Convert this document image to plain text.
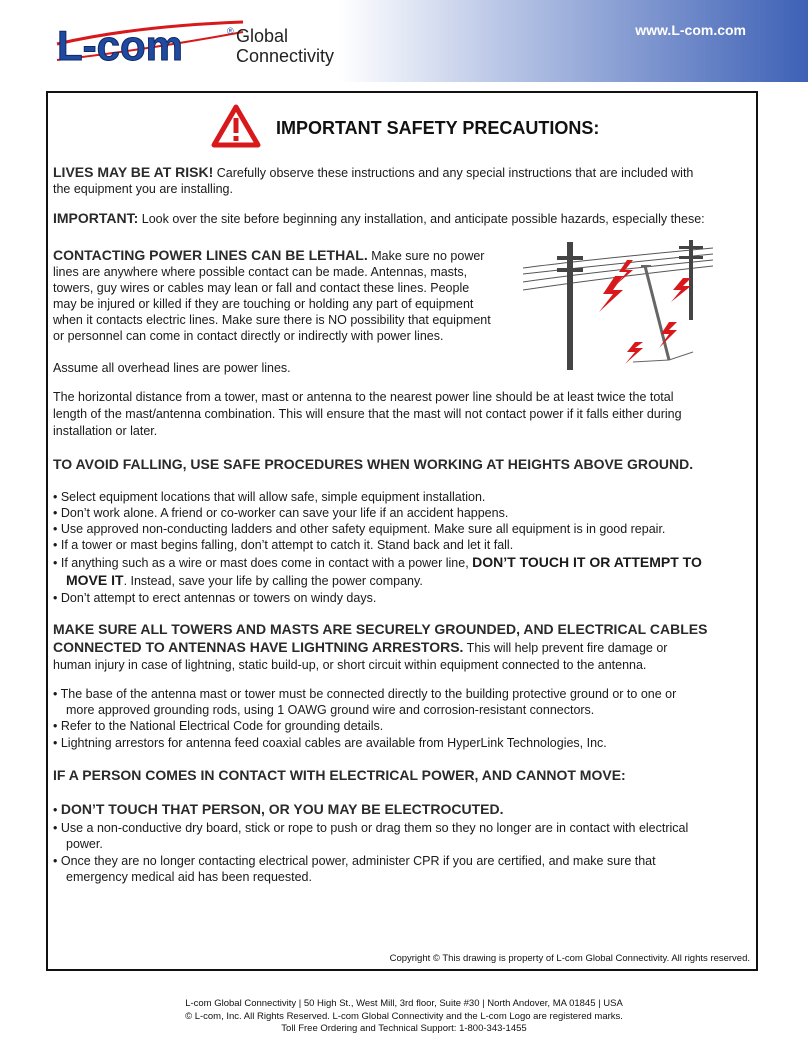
L-com	® Global
Connectivity
www.L-com.com
IMPORTANT SAFETY PRECAUTIONS:
LIVES MAY BE AT RISK! Carefully observe these instructions and any special instructions that are included with
the equipment you are installing.
IMPORTANT: Look over the site before beginning any installation, and anticipate possible hazards, especially these:
CONTACTING POWER LINES CAN BE LETHAL. Make sure no power
lines are anywhere where possible contact can be made. Antennas, masts,
towers, guy wires or cables may lean or fall and contact these lines. People
may be injured or killed if they are touching or holding any part of equipment
when it contacts electric lines. Make sure there is NO possibility that equipment
or personnel can come in contact directly or indirectly with power lines.
Assume all overhead lines are power lines.
The horizontal distance from a tower, mast or antenna to the nearest power line should be at least twice the total
length of the mast/antenna combination. This will ensure that the mast will not contact power if it falls either during
installation or later.
TO AVOID FALLING, USE SAFE PROCEDURES WHEN WORKING AT HEIGHTS ABOVE GROUND.
• Select equipment locations that will allow safe, simple equipment installation.
• Don’t work alone. A friend or co-worker can save your life if an accident happens.
• Use approved non-conducting ladders and other safety equipment. Make sure all equipment is in good repair.
• If a tower or mast begins falling, don’t attempt to catch it. Stand back and let it fall.
• If anything such as a wire or mast does come in contact with a power line, DON’T TOUCH IT OR ATTEMPT TO
MOVE IT. Instead, save your life by calling the power company.
• Don’t attempt to erect antennas or towers on windy days.
MAKE SURE ALL TOWERS AND MASTS ARE SECURELY GROUNDED, AND ELECTRICAL CABLES
CONNECTED TO ANTENNAS HAVE LIGHTNING ARRESTORS. This will help prevent fire damage or
human injury in case of lightning, static build-up, or short circuit within equipment connected to the antenna.
• The base of the antenna mast or tower must be connected directly to the building protective ground or to one or
more approved grounding rods, using 1 OAWG ground wire and corrosion-resistant connectors.
• Refer to the National Electrical Code for grounding details.
• Lightning arrestors for antenna feed coaxial cables are available from HyperLink Technologies, Inc.
IF A PERSON COMES IN CONTACT WITH ELECTRICAL POWER, AND CANNOT MOVE:
• DON’T TOUCH THAT PERSON, OR YOU MAY BE ELECTROCUTED.
• Use a non-conductive dry board, stick or rope to push or drag them so they no longer are in contact with electrical
power.
• Once they are no longer contacting electrical power, administer CPR if you are certified, and make sure that
emergency medical aid has been requested.
Copyright © This drawing is property of L-com Global Connectivity. All rights reserved.
L-com Global Connectivity | 50 High St., West Mill, 3rd floor, Suite #30 | North Andover, MA 01845 | USA
© L-com, Inc. All Rights Reserved. L-com Global Connectivity and the L-com Logo are registered marks.
Toll Free Ordering and Technical Support: 1-800-343-1455
